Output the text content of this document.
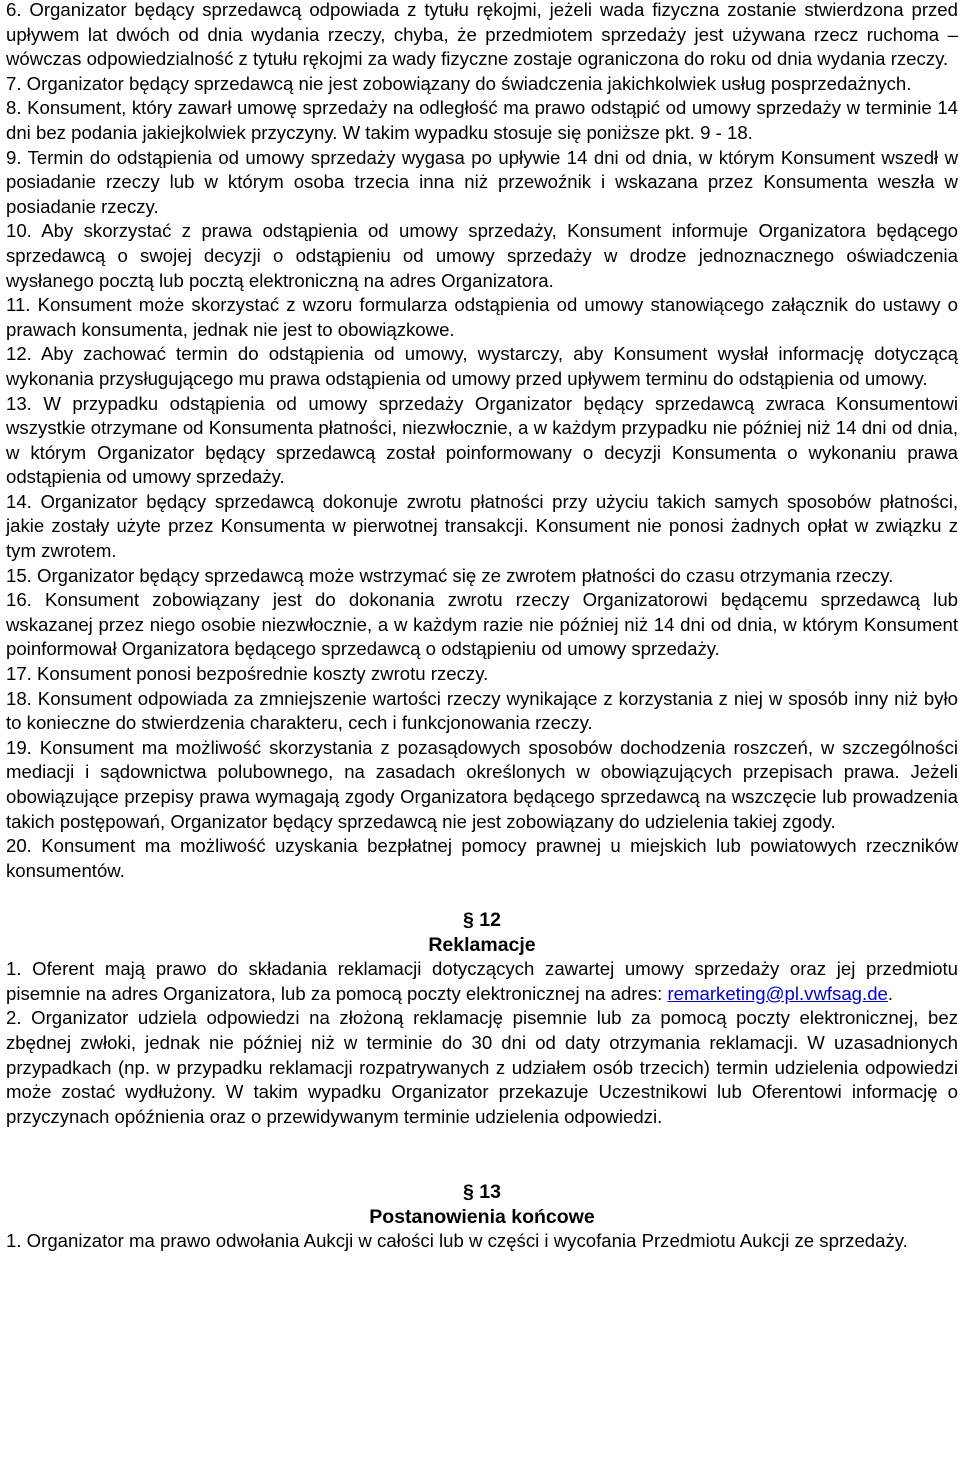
6. Organizator będący sprzedawcą odpowiada z tytułu rękojmi, jeżeli wada fizyczna zostanie stwierdzona przed upływem lat dwóch od dnia wydania rzeczy, chyba, że przedmiotem sprzedaży jest używana rzecz ruchoma – wówczas odpowiedzialność z tytułu rękojmi za wady fizyczne zostaje ograniczona do roku od dnia wydania rzeczy.

7. Organizator będący sprzedawcą nie jest zobowiązany do świadczenia jakichkolwiek usług posprzedażnych.

8. Konsument, który zawarł umowę sprzedaży na odległość ma prawo odstąpić od umowy sprzedaży w terminie 14 dni bez podania jakiejkolwiek przyczyny. W takim wypadku stosuje się poniższe pkt. 9 - 18.

9. Termin do odstąpienia od umowy sprzedaży wygasa po upływie 14 dni od dnia, w którym Konsument wszedł w posiadanie rzeczy lub w którym osoba trzecia inna niż przewoźnik i wskazana przez Konsumenta weszła w posiadanie rzeczy.

10. Aby skorzystać z prawa odstąpienia od umowy sprzedaży, Konsument informuje Organizatora będącego sprzedawcą o swojej decyzji o odstąpieniu od umowy sprzedaży w drodze jednoznacznego oświadczenia wysłanego pocztą lub pocztą elektroniczną na adres Organizatora.

11. Konsument może skorzystać z wzoru formularza odstąpienia od umowy stanowiącego załącznik do ustawy o prawach konsumenta, jednak nie jest to obowiązkowe.

12. Aby zachować termin do odstąpienia od umowy, wystarczy, aby Konsument wysłał informację dotyczącą wykonania przysługującego mu prawa odstąpienia od umowy przed upływem terminu do odstąpienia od umowy.

13. W przypadku odstąpienia od umowy sprzedaży Organizator będący sprzedawcą zwraca Konsumentowi wszystkie otrzymane od Konsumenta płatności, niezwłocznie, a w każdym przypadku nie później niż 14 dni od dnia, w którym Organizator będący sprzedawcą został poinformowany o decyzji Konsumenta o wykonaniu prawa odstąpienia od umowy sprzedaży.

14. Organizator będący sprzedawcą dokonuje zwrotu płatności przy użyciu takich samych sposobów płatności, jakie zostały użyte przez Konsumenta w pierwotnej transakcji. Konsument nie ponosi żadnych opłat w związku z tym zwrotem.

15. Organizator będący sprzedawcą może wstrzymać się ze zwrotem płatności do czasu otrzymania rzeczy.

16. Konsument zobowiązany jest do dokonania zwrotu rzeczy Organizatorowi będącemu sprzedawcą lub wskazanej przez niego osobie niezwłocznie, a w każdym razie nie później niż 14 dni od dnia, w którym Konsument poinformował Organizatora będącego sprzedawcą o odstąpieniu od umowy sprzedaży.

17. Konsument ponosi bezpośrednie koszty zwrotu rzeczy.

18. Konsument odpowiada za zmniejszenie wartości rzeczy wynikające z korzystania z niej w sposób inny niż było to konieczne do stwierdzenia charakteru, cech i funkcjonowania rzeczy.

19. Konsument ma możliwość skorzystania z pozasądowych sposobów dochodzenia roszczeń, w szczególności mediacji i sądownictwa polubownego, na zasadach określonych w obowiązujących przepisach prawa. Jeżeli obowiązujące przepisy prawa wymagają zgody Organizatora będącego sprzedawcą na wszczęcie lub prowadzenia takich postępowań, Organizator będący sprzedawcą nie jest zobowiązany do udzielenia takiej zgody.

20. Konsument ma możliwość uzyskania bezpłatnej pomocy prawnej u miejskich lub powiatowych rzeczników konsumentów.

§ 12

Reklamacje

1. Oferent mają prawo do składania reklamacji dotyczących zawartej umowy sprzedaży oraz jej przedmiotu pisemnie na adres Organizatora, lub za pomocą poczty elektronicznej na adres: remarketing@pl.vwfsag.de.

2. Organizator udziela odpowiedzi na złożoną reklamację pisemnie lub za pomocą poczty elektronicznej, bez zbędnej zwłoki, jednak nie później niż w terminie do 30 dni od daty otrzymania reklamacji. W uzasadnionych przypadkach (np. w przypadku reklamacji rozpatrywanych z udziałem osób trzecich) termin udzielenia odpowiedzi może zostać wydłużony. W takim wypadku Organizator przekazuje Uczestnikowi lub Oferentowi informację o przyczynach opóźnienia oraz o przewidywanym terminie udzielenia odpowiedzi.

§ 13

Postanowienia końcowe

1. Organizator ma prawo odwołania Aukcji w całości lub w części i wycofania Przedmiotu Aukcji ze sprzedaży.
